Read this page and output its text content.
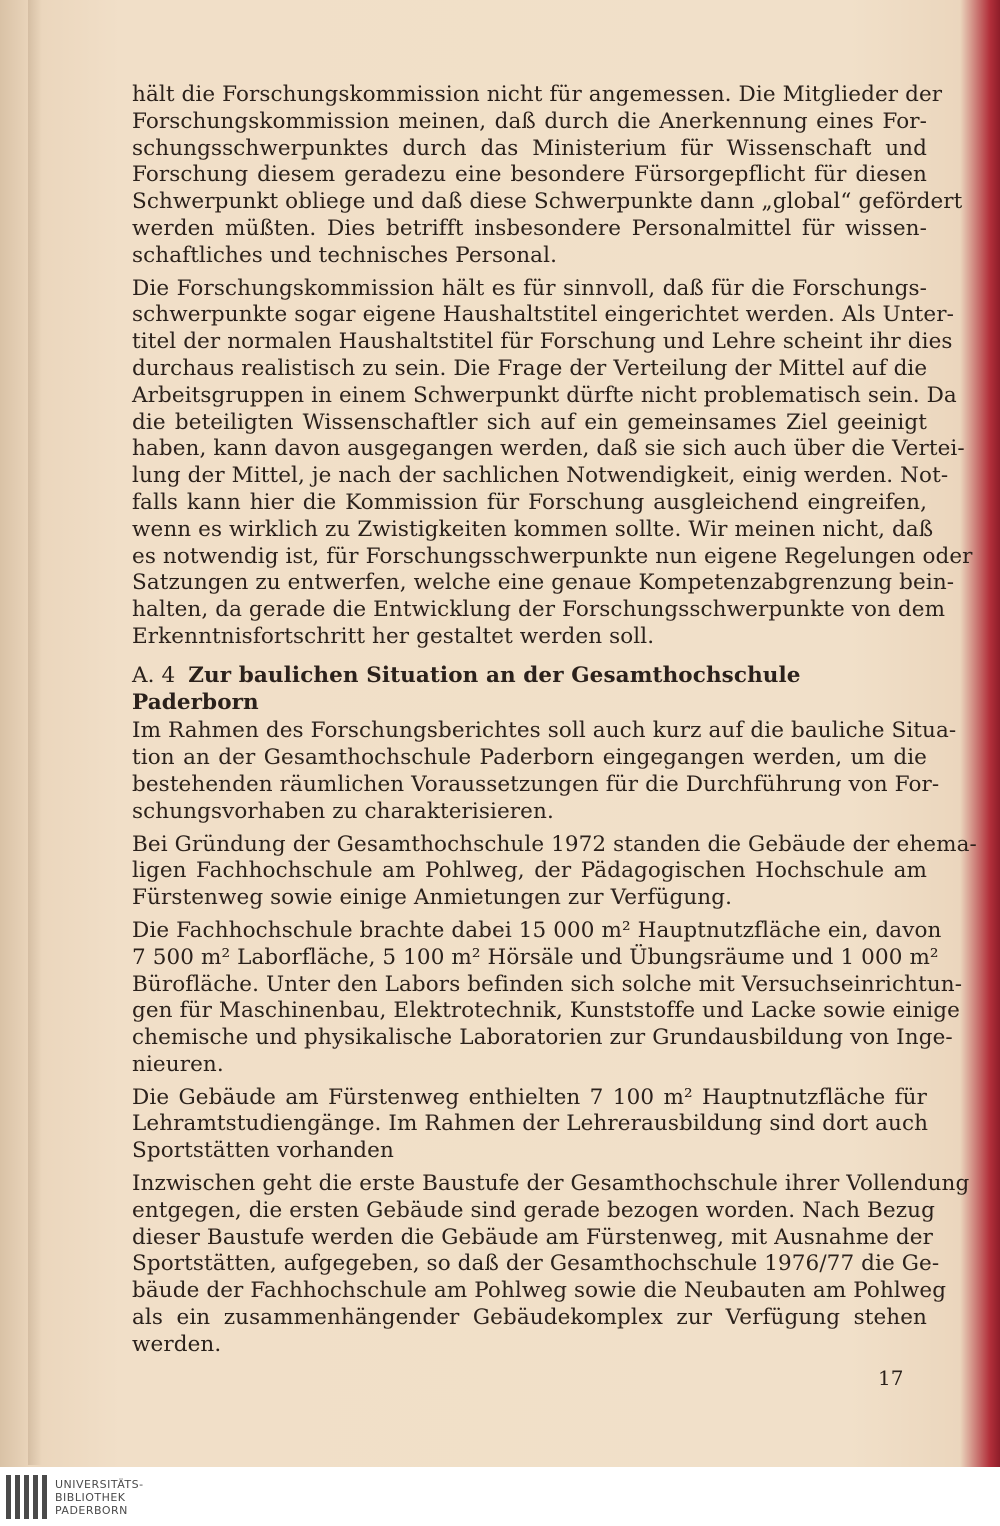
hält die Forschungskommission nicht für angemessen. Die Mitglieder der
Forschungskommission meinen, daß durch die Anerkennung eines For-
schungsschwerpunktes durch das Ministerium für Wissenschaft und
Forschung diesem geradezu eine besondere Fürsorgepflicht für diesen
Schwerpunkt obliege und daß diese Schwerpunkte dann „global“ gefördert
werden müßten. Dies betrifft insbesondere Personalmittel für wissen-
schaftliches und technisches Personal.

Die Forschungskommission hält es für sinnvoll, daß für die Forschungs-
schwerpunkte sogar eigene Haushaltstitel eingerichtet werden. Als Unter-
titel der normalen Haushaltstitel für Forschung und Lehre scheint ihr dies
durchaus realistisch zu sein. Die Frage der Verteilung der Mittel auf die
Arbeitsgruppen in einem Schwerpunkt dürfte nicht problematisch sein. Da
die beteiligten Wissenschaftler sich auf ein gemeinsames Ziel geeinigt
haben, kann davon ausgegangen werden, daß sie sich auch über die Vertei-
lung der Mittel, je nach der sachlichen Notwendigkeit, einig werden. Not-
falls kann hier die Kommission für Forschung ausgleichend eingreifen,
wenn es wirklich zu Zwistigkeiten kommen sollte. Wir meinen nicht, daß
es notwendig ist, für Forschungsschwerpunkte nun eigene Regelungen oder
Satzungen zu entwerfen, welche eine genaue Kompetenzabgrenzung bein-
halten, da gerade die Entwicklung der Forschungsschwerpunkte von dem
Erkenntnisfortschritt her gestaltet werden soll.

A. 4 Zur baulichen Situation an der Gesamthochschule Paderborn

Im Rahmen des Forschungsberichtes soll auch kurz auf die bauliche Situa-
tion an der Gesamthochschule Paderborn eingegangen werden, um die
bestehenden räumlichen Voraussetzungen für die Durchführung von For-
schungsvorhaben zu charakterisieren.

Bei Gründung der Gesamthochschule 1972 standen die Gebäude der ehema-
ligen Fachhochschule am Pohlweg, der Pädagogischen Hochschule am
Fürstenweg sowie einige Anmietungen zur Verfügung.

Die Fachhochschule brachte dabei 15 000 m² Hauptnutzfläche ein, davon
7 500 m² Laborfläche, 5 100 m² Hörsäle und Übungsräume und 1 000 m²
Bürofläche. Unter den Labors befinden sich solche mit Versuchseinrichtun-
gen für Maschinenbau, Elektrotechnik, Kunststoffe und Lacke sowie einige
chemische und physikalische Laboratorien zur Grundausbildung von Inge-
nieuren.

Die Gebäude am Fürstenweg enthielten 7 100 m² Hauptnutzfläche für
Lehramtstudiengänge. Im Rahmen der Lehrerausbildung sind dort auch
Sportstätten vorhanden

Inzwischen geht die erste Baustufe der Gesamthochschule ihrer Vollendung
entgegen, die ersten Gebäude sind gerade bezogen worden. Nach Bezug
dieser Baustufe werden die Gebäude am Fürstenweg, mit Ausnahme der
Sportstätten, aufgegeben, so daß der Gesamthochschule 1976/77 die Ge-
bäude der Fachhochschule am Pohlweg sowie die Neubauten am Pohlweg
als ein zusammenhängender Gebäudekomplex zur Verfügung stehen
werden.

17
UNIVERSITÄTS-
BIBLIOTHEK
PADERBORN
